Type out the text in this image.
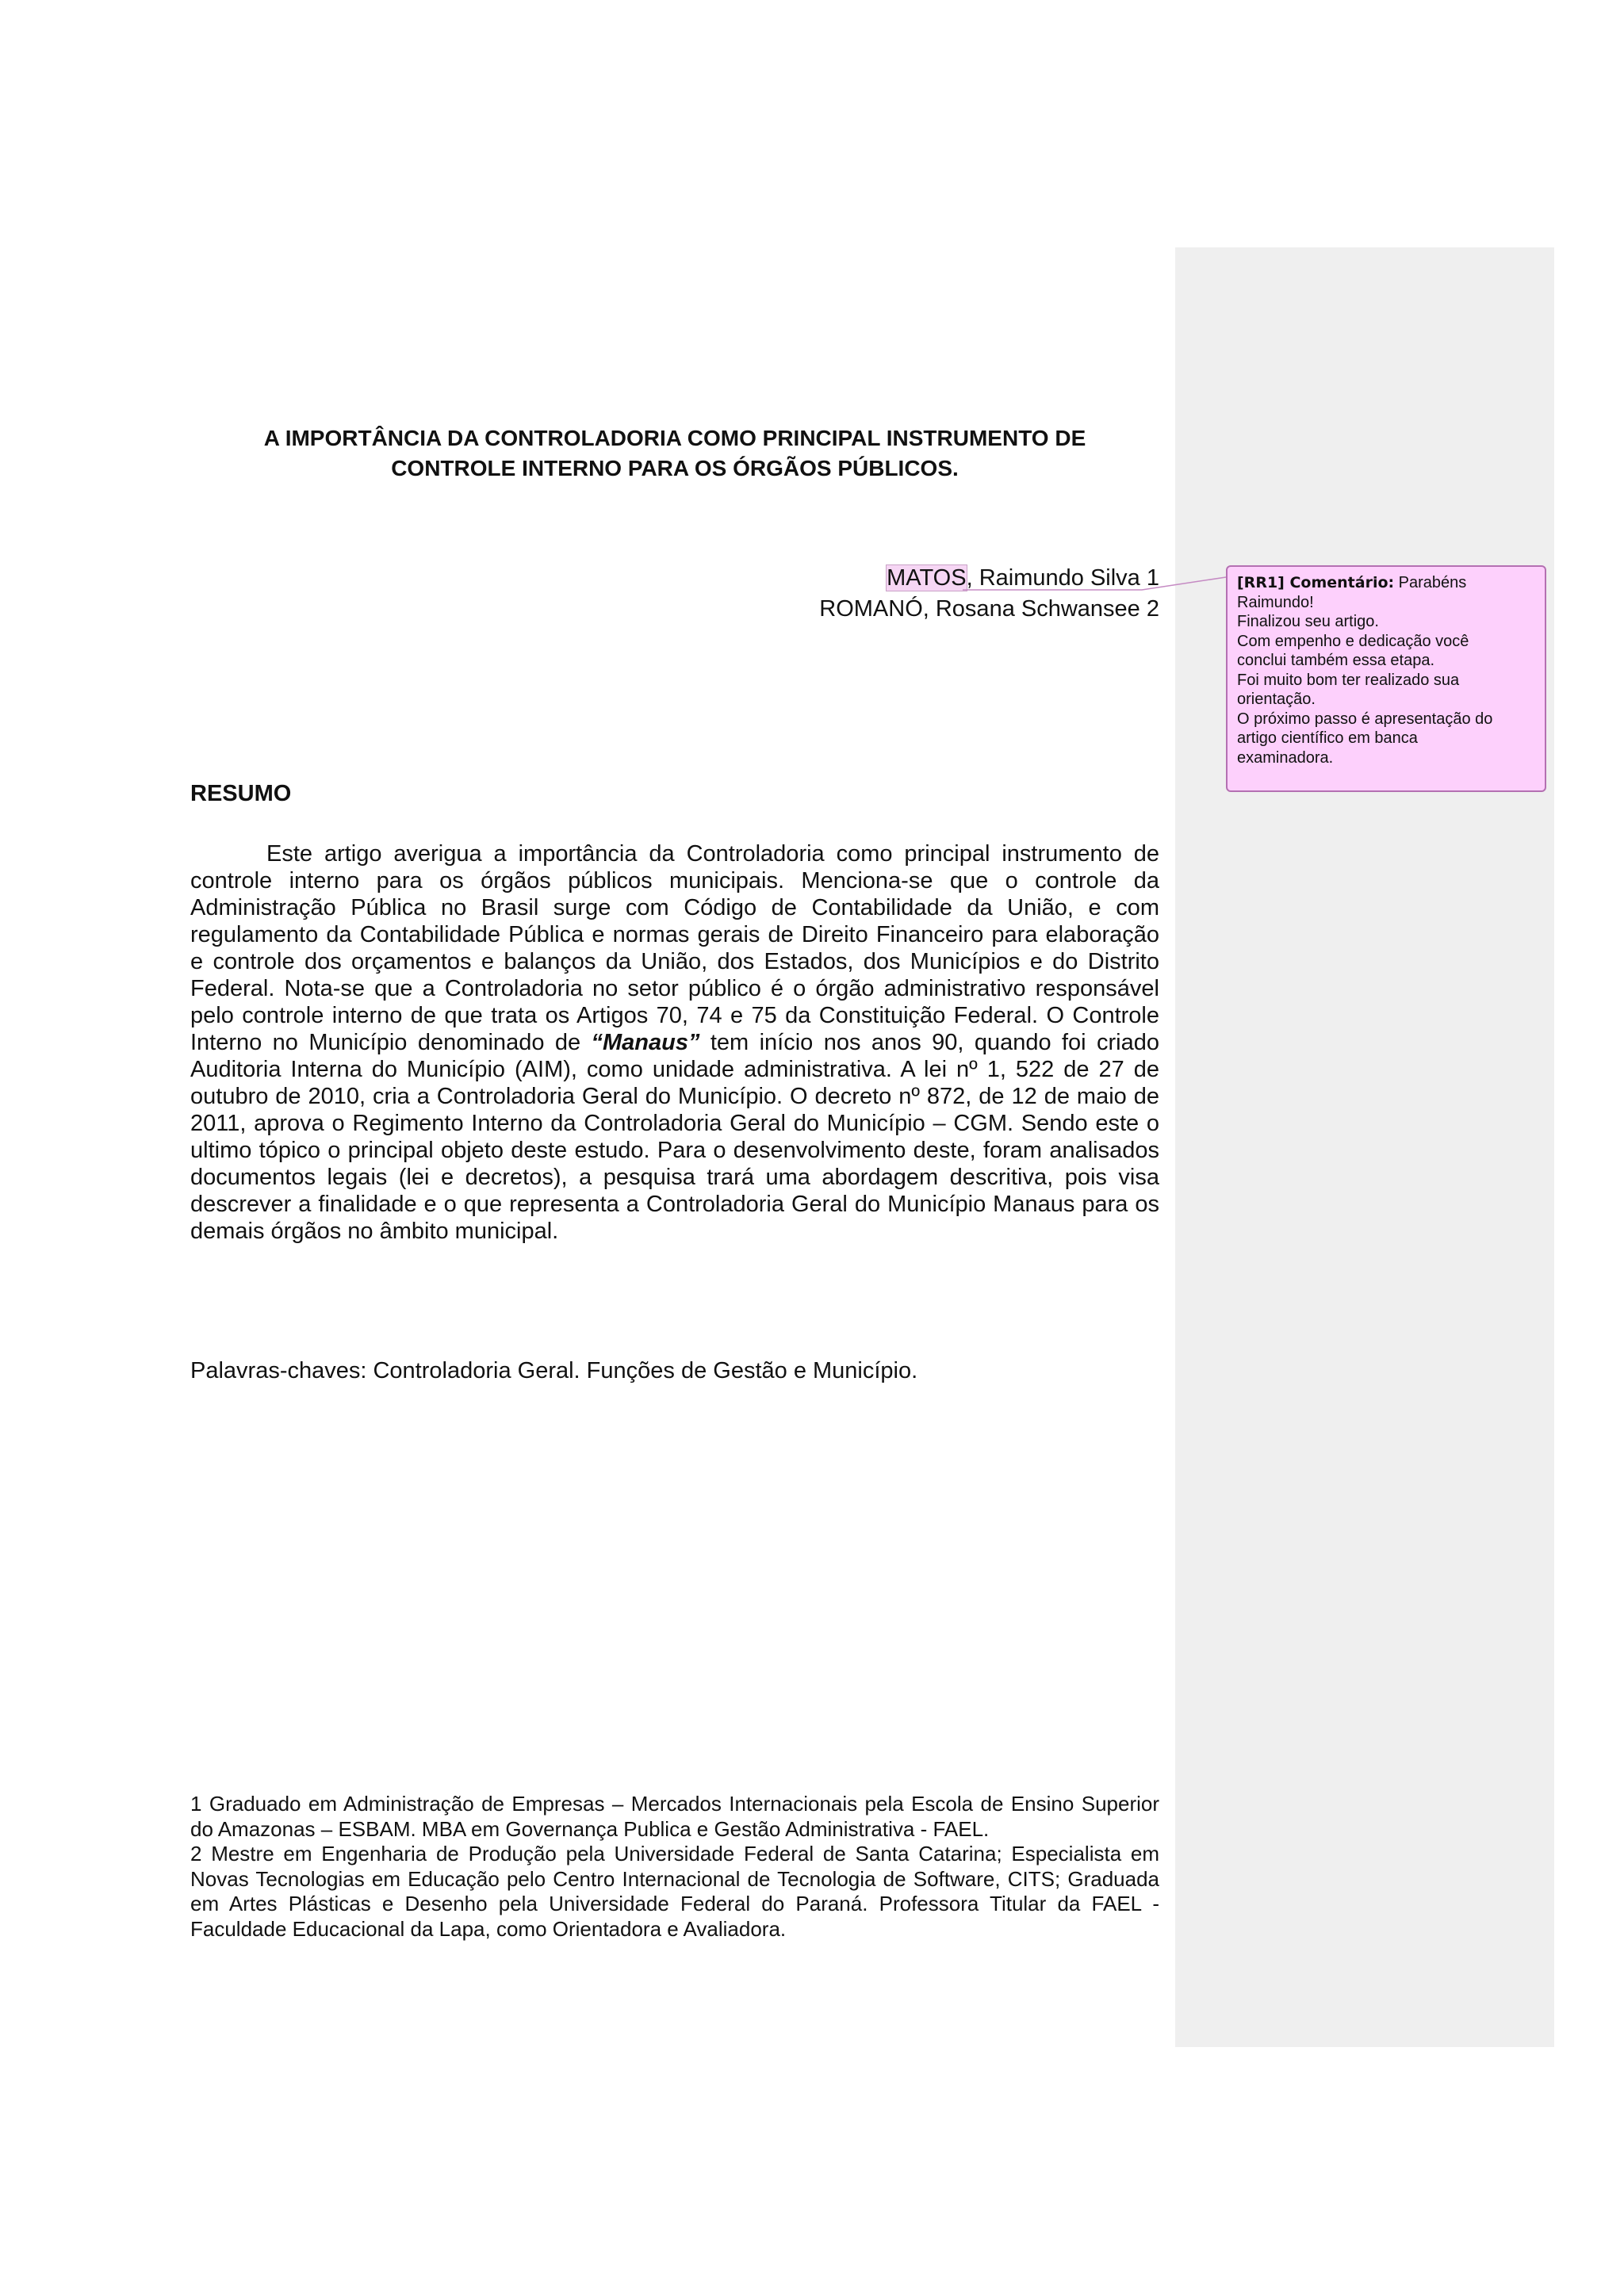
A IMPORTÂNCIA DA CONTROLADORIA COMO PRINCIPAL INSTRUMENTO DE
CONTROLE INTERNO PARA OS ÓRGÃOS PÚBLICOS.
MATOS, Raimundo Silva 1
ROMANÓ, Rosana Schwansee 2
[RR1] Comentário: Parabéns
Raimundo!
Finalizou seu artigo.
Com empenho e dedicação você
conclui também essa etapa.
Foi muito bom ter realizado sua
orientação.
O próximo passo é apresentação do
artigo científico em banca
examinadora.
RESUMO
Este artigo averigua a importância da Controladoria como principal instrumento de controle interno para os órgãos públicos municipais. Menciona-se que o controle da Administração Pública no Brasil surge com Código de Contabilidade da União, e com regulamento da Contabilidade Pública e normas gerais de Direito Financeiro para elaboração e controle dos orçamentos e balanços da União, dos Estados, dos Municípios e do Distrito Federal. Nota-se que a Controladoria no setor público é o órgão administrativo responsável pelo controle interno de que trata os Artigos 70, 74 e 75 da Constituição Federal. O Controle Interno no Município denominado de “Manaus” tem início nos anos 90, quando foi criado Auditoria Interna do Município (AIM), como unidade administrativa. A lei nº 1, 522 de 27 de outubro de 2010, cria a Controladoria Geral do Município. O decreto nº 872, de 12 de maio de 2011, aprova o Regimento Interno da Controladoria Geral do Município – CGM. Sendo este o ultimo tópico o principal objeto deste estudo. Para o desenvolvimento deste, foram analisados documentos legais (lei e decretos), a pesquisa trará uma abordagem descritiva, pois visa descrever a finalidade e o que representa a Controladoria Geral do Município Manaus para os demais órgãos no âmbito municipal.
Palavras-chaves: Controladoria Geral. Funções de Gestão e Município.

1 Graduado em Administração de Empresas – Mercados Internacionais pela Escola de Ensino Superior do Amazonas – ESBAM. MBA em Governança Publica e Gestão Administrativa - FAEL.

2 Mestre em Engenharia de Produção pela Universidade Federal de Santa Catarina; Especialista em Novas Tecnologias em Educação pelo Centro Internacional de Tecnologia de Software, CITS; Graduada em Artes Plásticas e Desenho pela Universidade Federal do Paraná. Professora Titular da FAEL - Faculdade Educacional da Lapa, como Orientadora e Avaliadora.
